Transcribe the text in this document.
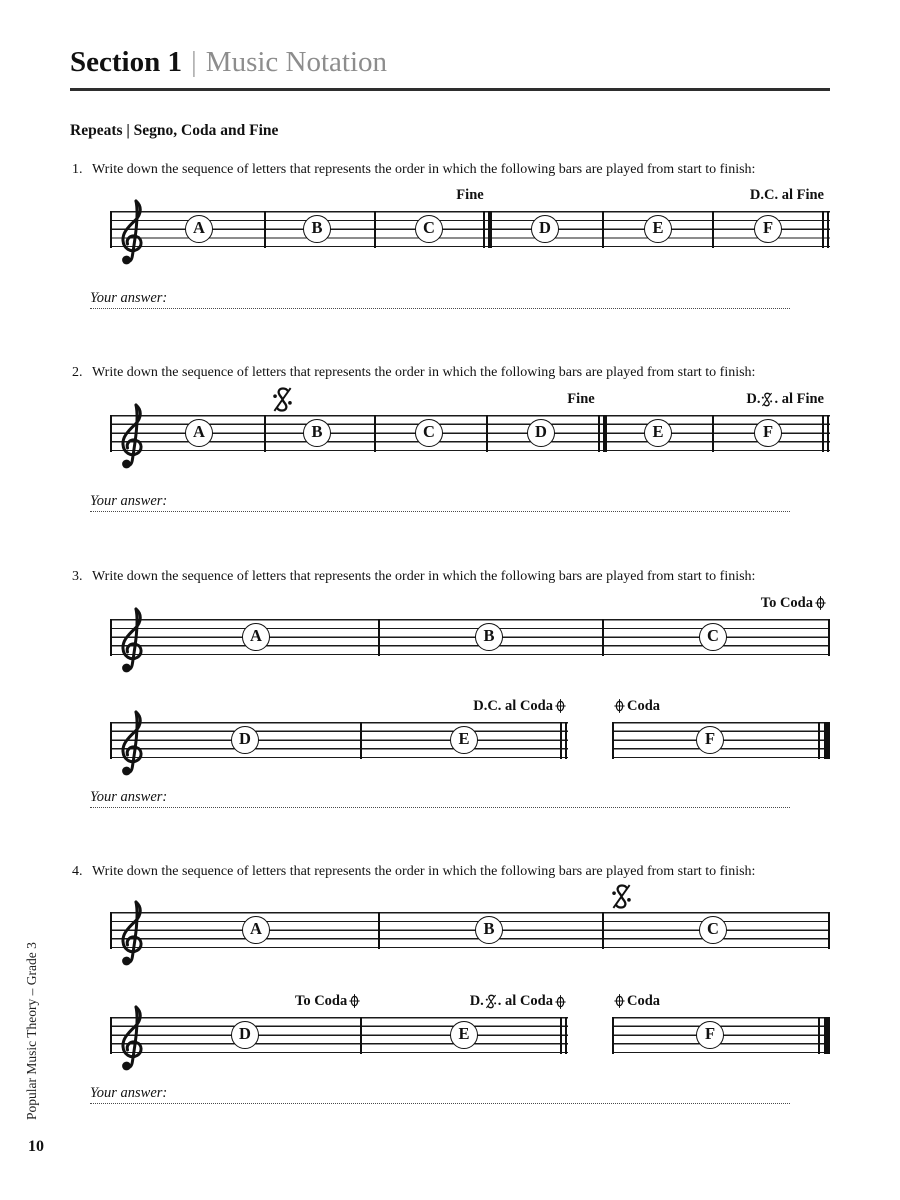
Section 1 | Music Notation
Repeats | Segno, Coda and Fine
1. Write down the sequence of letters that represents the order in which the following bars are played from start to finish:
A	B	C	D	E	F
Fine	D.C. al Fine
Your answer:
2. Write down the sequence of letters that represents the order in which the following bars are played from start to finish:
A	B	C	D	E	F
Fine	D. . al Fine
Your answer:
3. Write down the sequence of letters that represents the order in which the following bars are played from start to finish:
A	B	C
To Coda
D	E
D.C. al Coda
F
Coda
Your answer:
4. Write down the sequence of letters that represents the order in which the following bars are played from start to finish:
A	B	C
D	E
To Coda	D. . al Coda
F
Coda
Your answer:
Popular Music Theory – Grade 3
10
